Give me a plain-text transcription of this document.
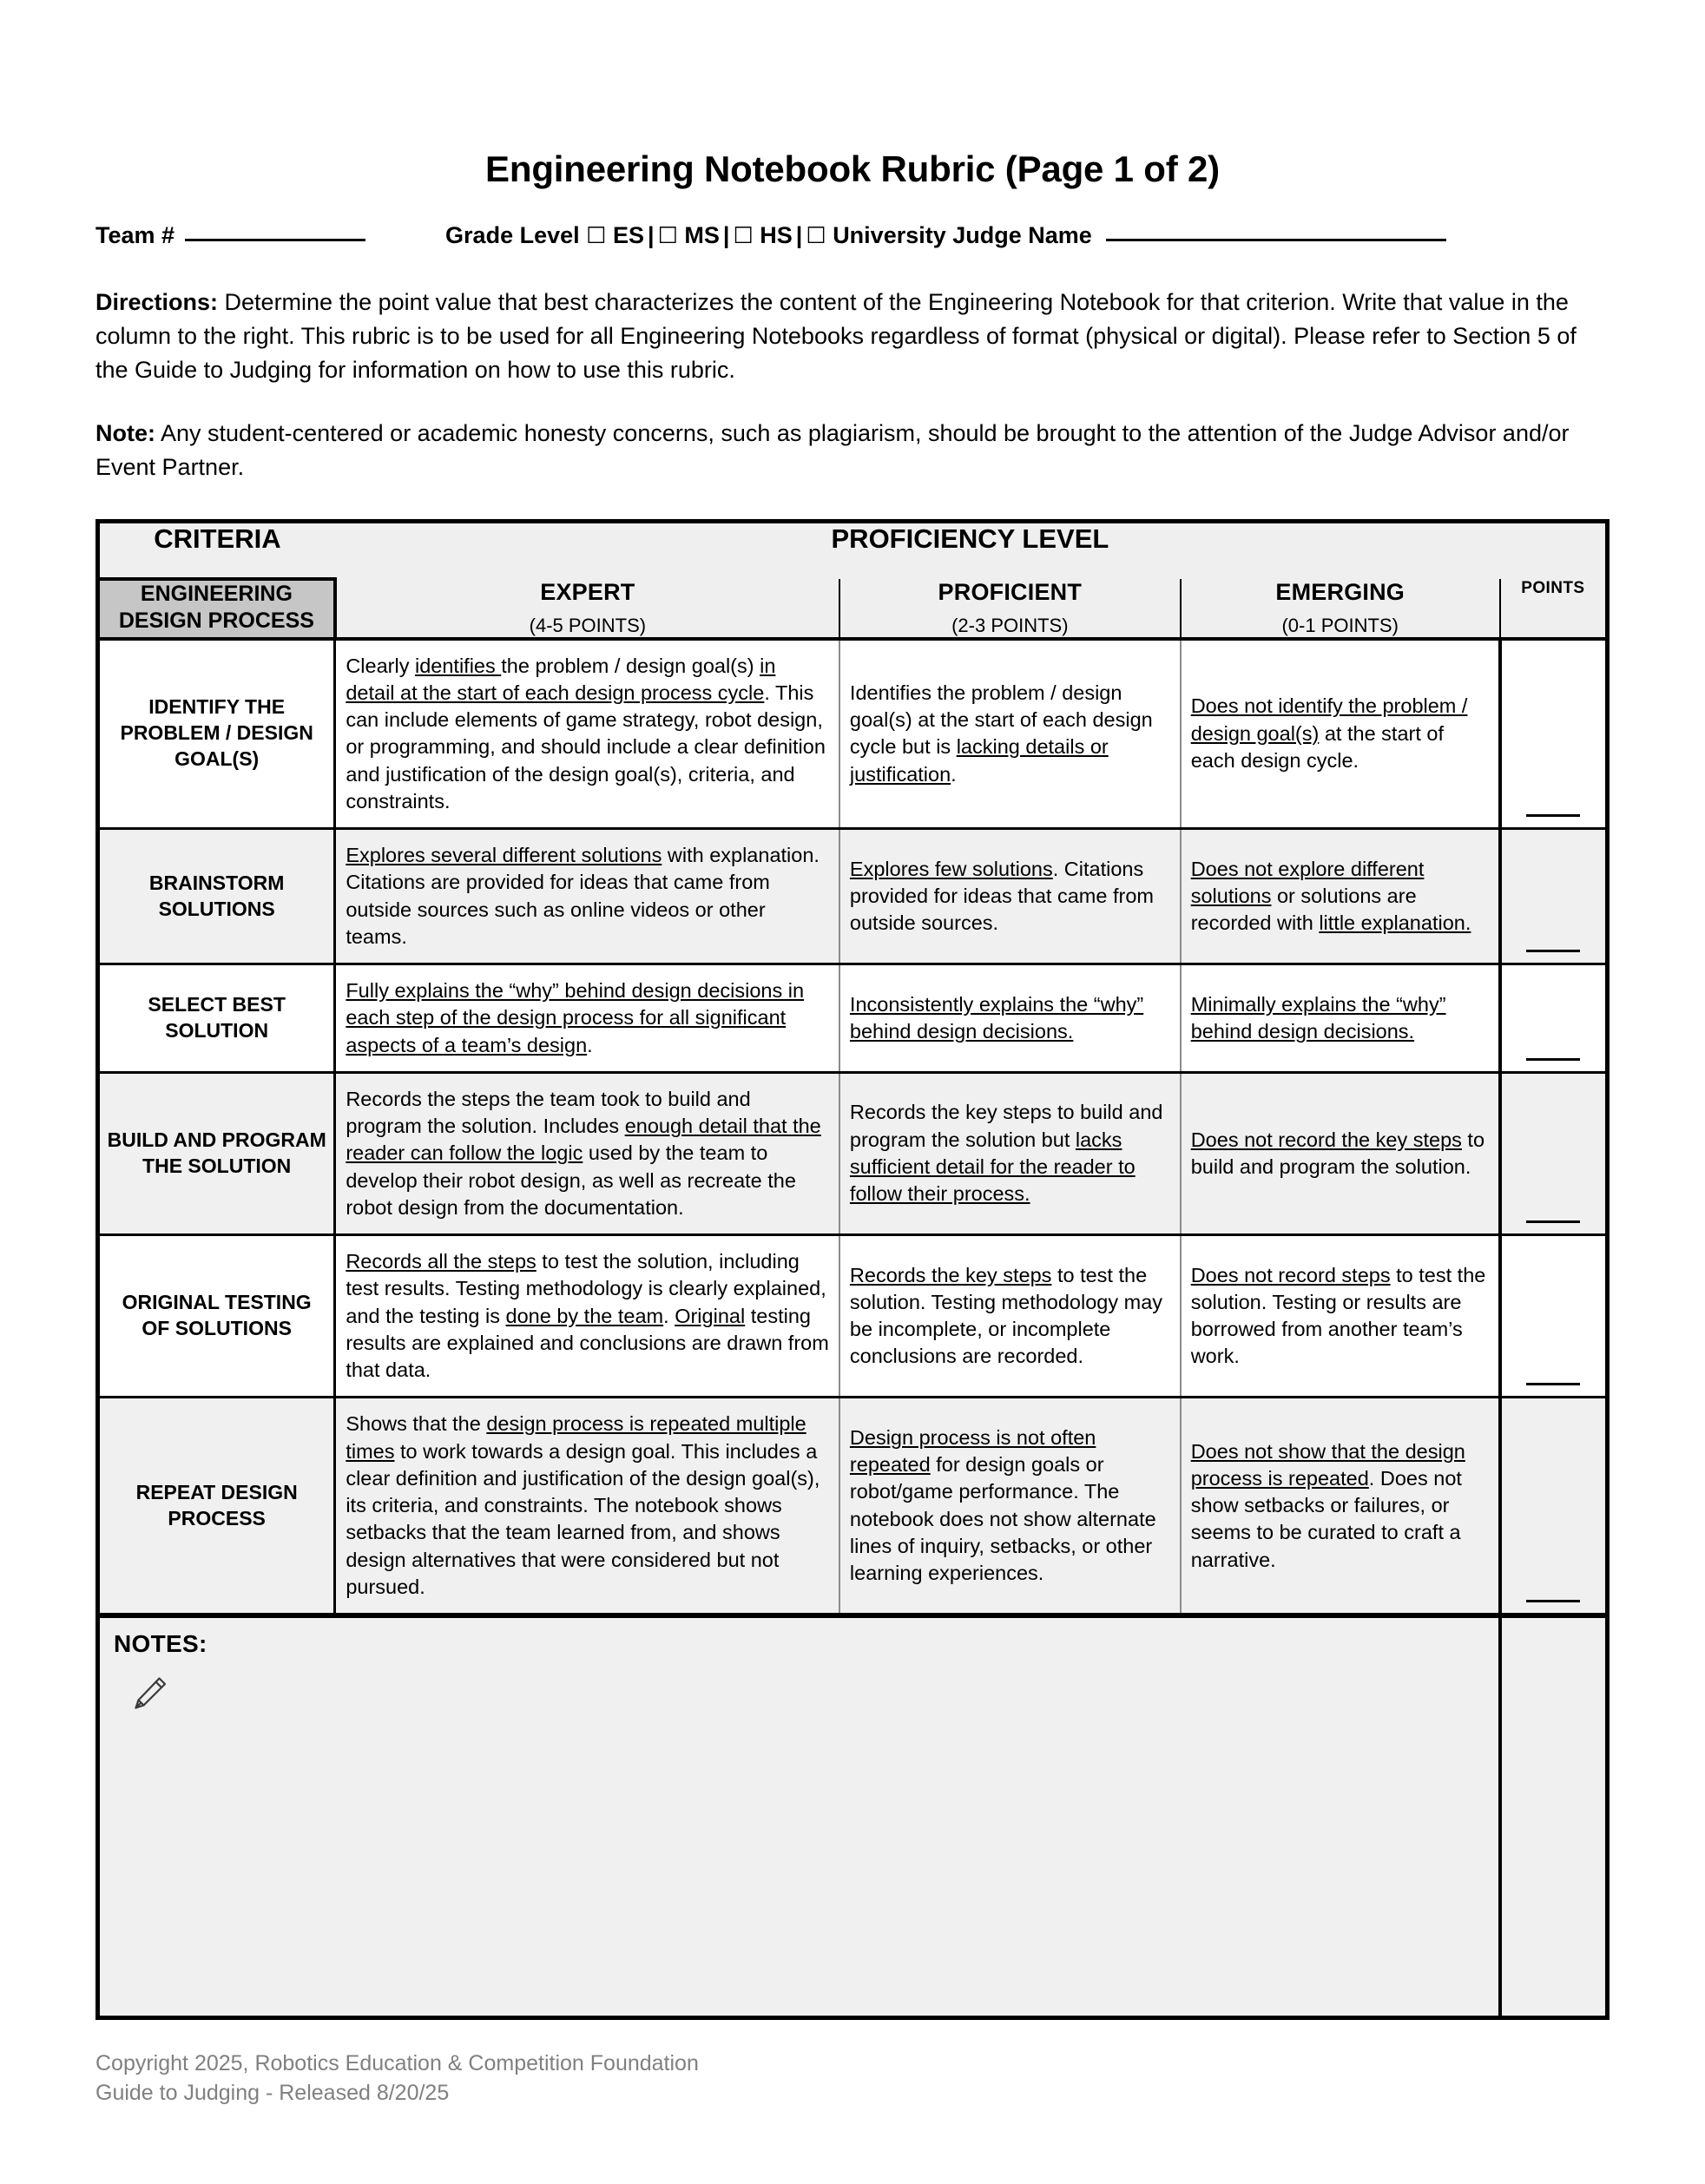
Engineering Notebook Rubric (Page 1 of 2)
Team #	Grade Level
☐
ES | ☐
MS | ☐
HS | ☐
University
Judge Name
Directions: Determine the point value that best characterizes the content of the Engineering Notebook for that criterion. Write that value in the column to the right. This rubric is to be used for all Engineering Notebooks regardless of format (physical or digital). Please refer to Section 5 of the Guide to Judging for information on how to use this rubric.
Note: Any student-centered or academic honesty concerns, such as plagiarism, should be brought to the attention of the Judge Advisor and/or Event Partner.
CRITERIA	PROFICIENCY LEVEL			
ENGINEERING DESIGN PROCESS	
EXPERT
(4-5 POINTS)

PROFICIENT
(2-3 POINTS)

EMERGING
(0-1 POINTS)
	POINTS
IDENTIFY THE PROBLEM / DESIGN GOAL(S)	Clearly identifies the problem / design goal(s) in detail at the start of each design process cycle. This can include elements of game strategy, robot design, or programming, and should include a clear definition and justification of the design goal(s), criteria, and constraints.	Identifies the problem / design goal(s) at the start of each design cycle but is lacking details or justification.	Does not identify the problem / design goal(s) at the start of each design cycle.	

BRAINSTORM SOLUTIONS	Explores several different solutions with explanation. Citations are provided for ideas that came from outside sources such as online videos or other teams.	Explores few solutions. Citations provided for ideas that came from outside sources.	Does not explore different solutions or solutions are recorded with little explanation.	

SELECT BEST SOLUTION	Fully explains the “why” behind design decisions in each step of the design process for all significant aspects of a team’s design.	Inconsistently explains the “why” behind design decisions.	Minimally explains the “why” behind design decisions.	

BUILD AND PROGRAM THE SOLUTION	Records the steps the team took to build and program the solution. Includes enough detail that the reader can follow the logic used by the team to develop their robot design, as well as recreate the robot design from the documentation.	Records the key steps to build and program the solution but lacks sufficient detail for the reader to follow their process.	Does not record the key steps to build and program the solution.	

ORIGINAL TESTING OF SOLUTIONS	Records all the steps to test the solution, including test results. Testing methodology is clearly explained, and the testing is done by the team. Original testing results are explained and conclusions are drawn from that data.	Records the key steps to test the solution. Testing methodology may be incomplete, or incomplete conclusions are recorded.	Does not record steps to test the solution. Testing or results are borrowed from another team’s work.	

REPEAT DESIGN PROCESS	Shows that the design process is repeated multiple times to work towards a design goal. This includes a clear definition and justification of the design goal(s), its criteria, and constraints. The notebook shows setbacks that the team learned from, and shows design alternatives that were considered but not pursued.	Design process is not often repeated for design goals or robot/game performance. The notebook does not show alternate lines of inquiry, setbacks, or other learning experiences.	Does not show that the design process is repeated. Does not show setbacks or failures, or seems to be curated to craft a narrative.	

NOTES:				

Copyright 2025, Robotics Education & Competition Foundation
Guide to Judging - Released 8/20/25
